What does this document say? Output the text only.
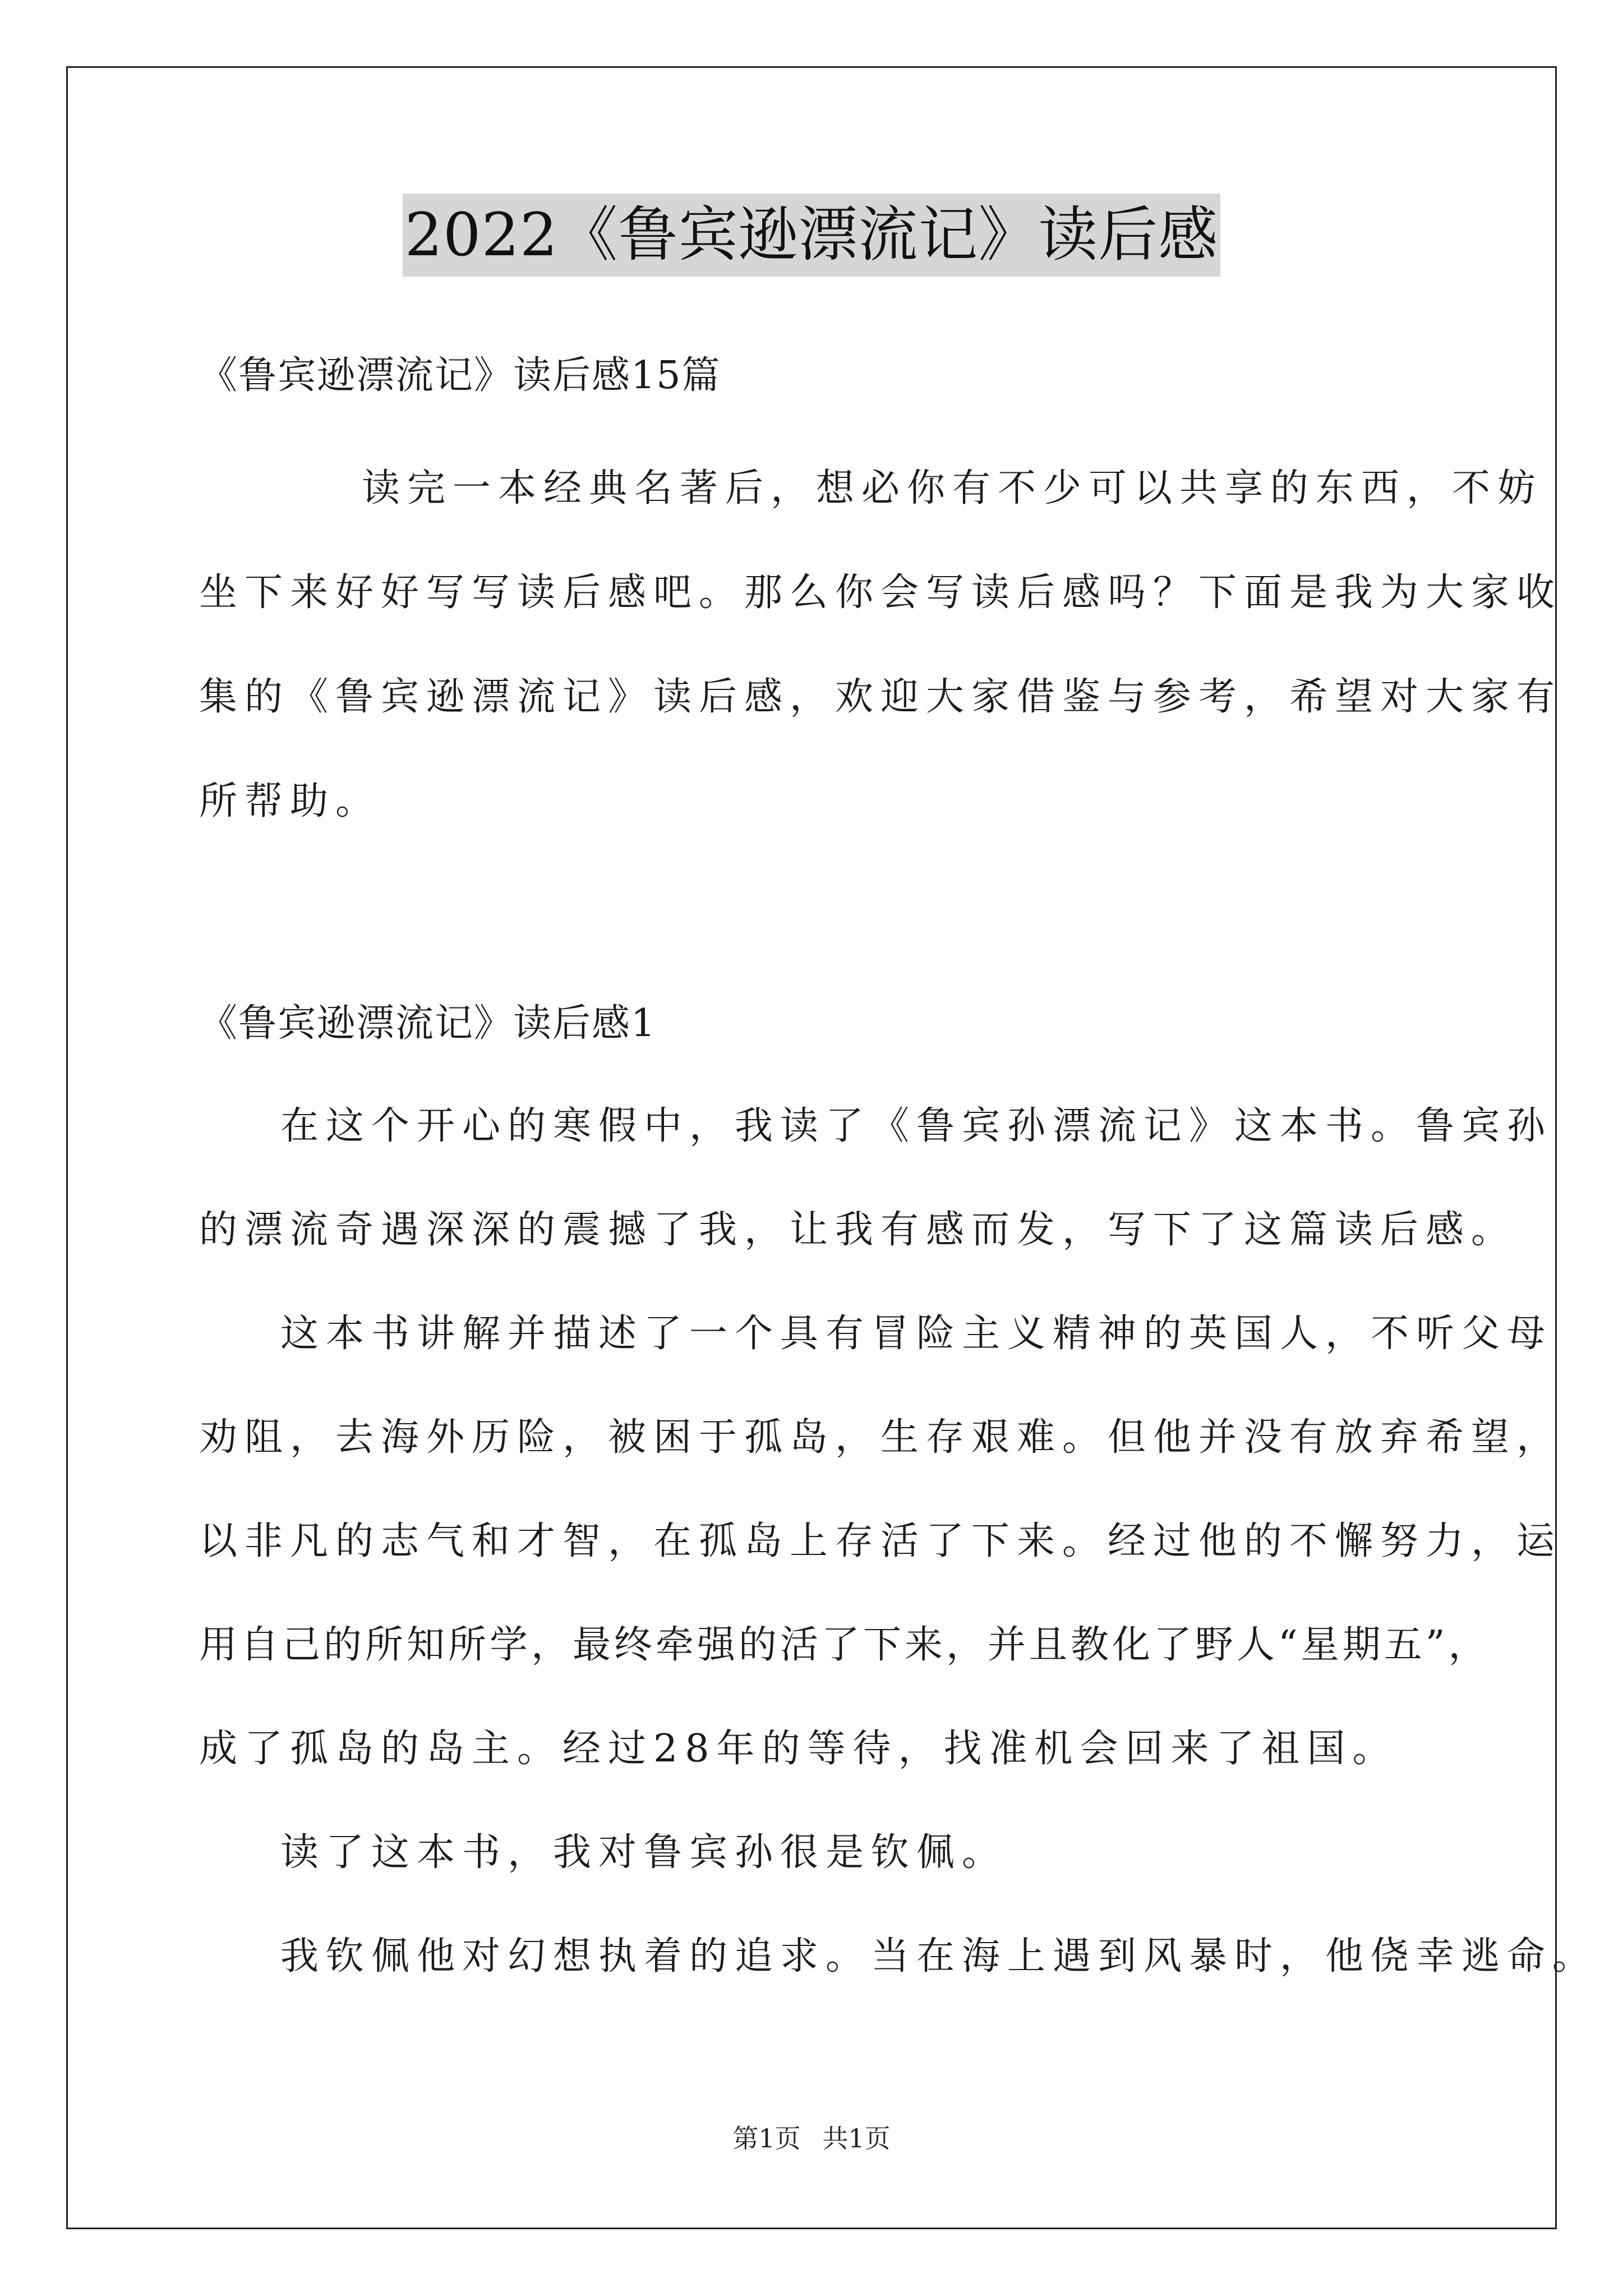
2022《鲁宾逊漂流记》读后感
《鲁宾逊漂流记》读后感15篇
读完一本经典名著后，想必你有不少可以共享的东西，不妨
坐下来好好写写读后感吧。那么你会写读后感吗？下面是我为大家收
集的《鲁宾逊漂流记》读后感，欢迎大家借鉴与参考，希望对大家有
所帮助。
《鲁宾逊漂流记》读后感1
在这个开心的寒假中，我读了《鲁宾孙漂流记》这本书。鲁宾孙
的漂流奇遇深深的震撼了我，让我有感而发，写下了这篇读后感。
这本书讲解并描述了一个具有冒险主义精神的英国人，不听父母
劝阻，去海外历险，被困于孤岛，生存艰难。但他并没有放弃希望，
以非凡的志气和才智，在孤岛上存活了下来。经过他的不懈努力，运
用自己的所知所学，最终牵强的活了下来，并且教化了野人“星期五”，
成了孤岛的岛主。经过28年的等待，找准机会回来了祖国。
读了这本书，我对鲁宾孙很是钦佩。
我钦佩他对幻想执着的追求。当在海上遇到风暴时，他侥幸逃命。
第1页 共1页
